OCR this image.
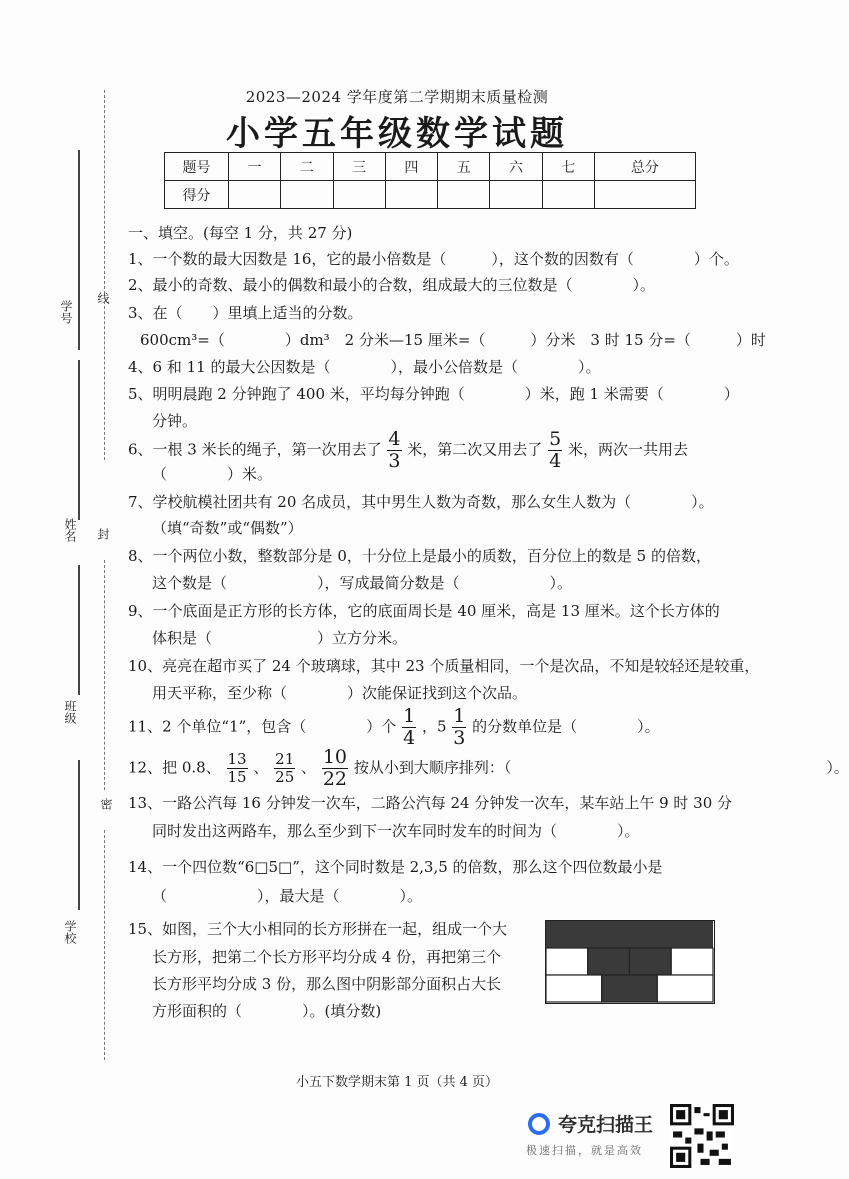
学号
线
姓名 封
班级
密
学校
2023—2024 学年度第二学期期末质量检测
小学五年级数学试题
题号	一	二	三	四	五	六	七	总分
得分								
一、填空。(每空 1 分，共 27 分)
1、一个数的最大因数是 16，它的最小倍数是（　　　），这个数的因数有（　　　　）个。
2、最小的奇数、最小的偶数和最小的合数，组成最大的三位数是（　　　　）。
3、在（　　）里填上适当的分数。
600cm³=（　　　　）dm³　2 分米—15 厘米=（　　　）分米　3 时 15 分=（　　　）时
4、6 和 11 的最大公因数是（　　　　），最小公倍数是（　　　　）。
5、明明晨跑 2 分钟跑了 400 米，平均每分钟跑（　　　　）米，跑 1 米需要（　　　　）
分钟。
6、一根 3 米长的绳子，第一次用去了 $\frac{4}{3}$ 米，第二次又用去了 $\frac{5}{4}$ 米，两次一共用去
（　　　　）米。
7、学校航模社团共有 20 名成员，其中男生人数为奇数，那么女生人数为（　　　　）。
（填“奇数”或“偶数”）
8、一个两位小数，整数部分是 0，十分位上是最小的质数，百分位上的数是 5 的倍数，
这个数是（　　　　　　），写成最简分数是（　　　　　　）。
9、一个底面是正方形的长方体，它的底面周长是 40 厘米，高是 13 厘米。这个长方体的
体积是（　　　　　　　）立方分米。
10、亮亮在超市买了 24 个玻璃球，其中 23 个质量相同，一个是次品，不知是较轻还是较重，
用天平称，至少称（　　　　）次能保证找到这个次品。
11、2 个单位“1”，包含（　　　　）个 $\frac{1}{4}$ ，$5 \frac{1}{3}$ 的分数单位是（　　　　）。
12、把 0.8、 $\frac{13}{15}$ 、 $\frac{21}{25}$ 、 $\frac{10}{22}$ 按从小到大顺序排列：（　　　　　　　　　　　　　　　　　　　　　）。
13、一路公汽每 16 分钟发一次车，二路公汽每 24 分钟发一次车，某车站上午 9 时 30 分
同时发出这两路车，那么至少到下一次车同时发车的时间为（　　　　）。
14、一个四位数“6□5□”，这个同时数是 2,3,5 的倍数，那么这个四位数最小是
（　　　　　　），最大是（　　　　）。
15、如图，三个大小相同的长方形拼在一起，组成一个大
长方形，把第二个长方形平均分成 4 份，再把第三个
长方形平均分成 3 份，那么图中阴影部分面积占大长
方形面积的（　　　　）。(填分数)
小五下数学期末第 1 页（共 4 页）
夸克扫描王
极速扫描，就是高效
